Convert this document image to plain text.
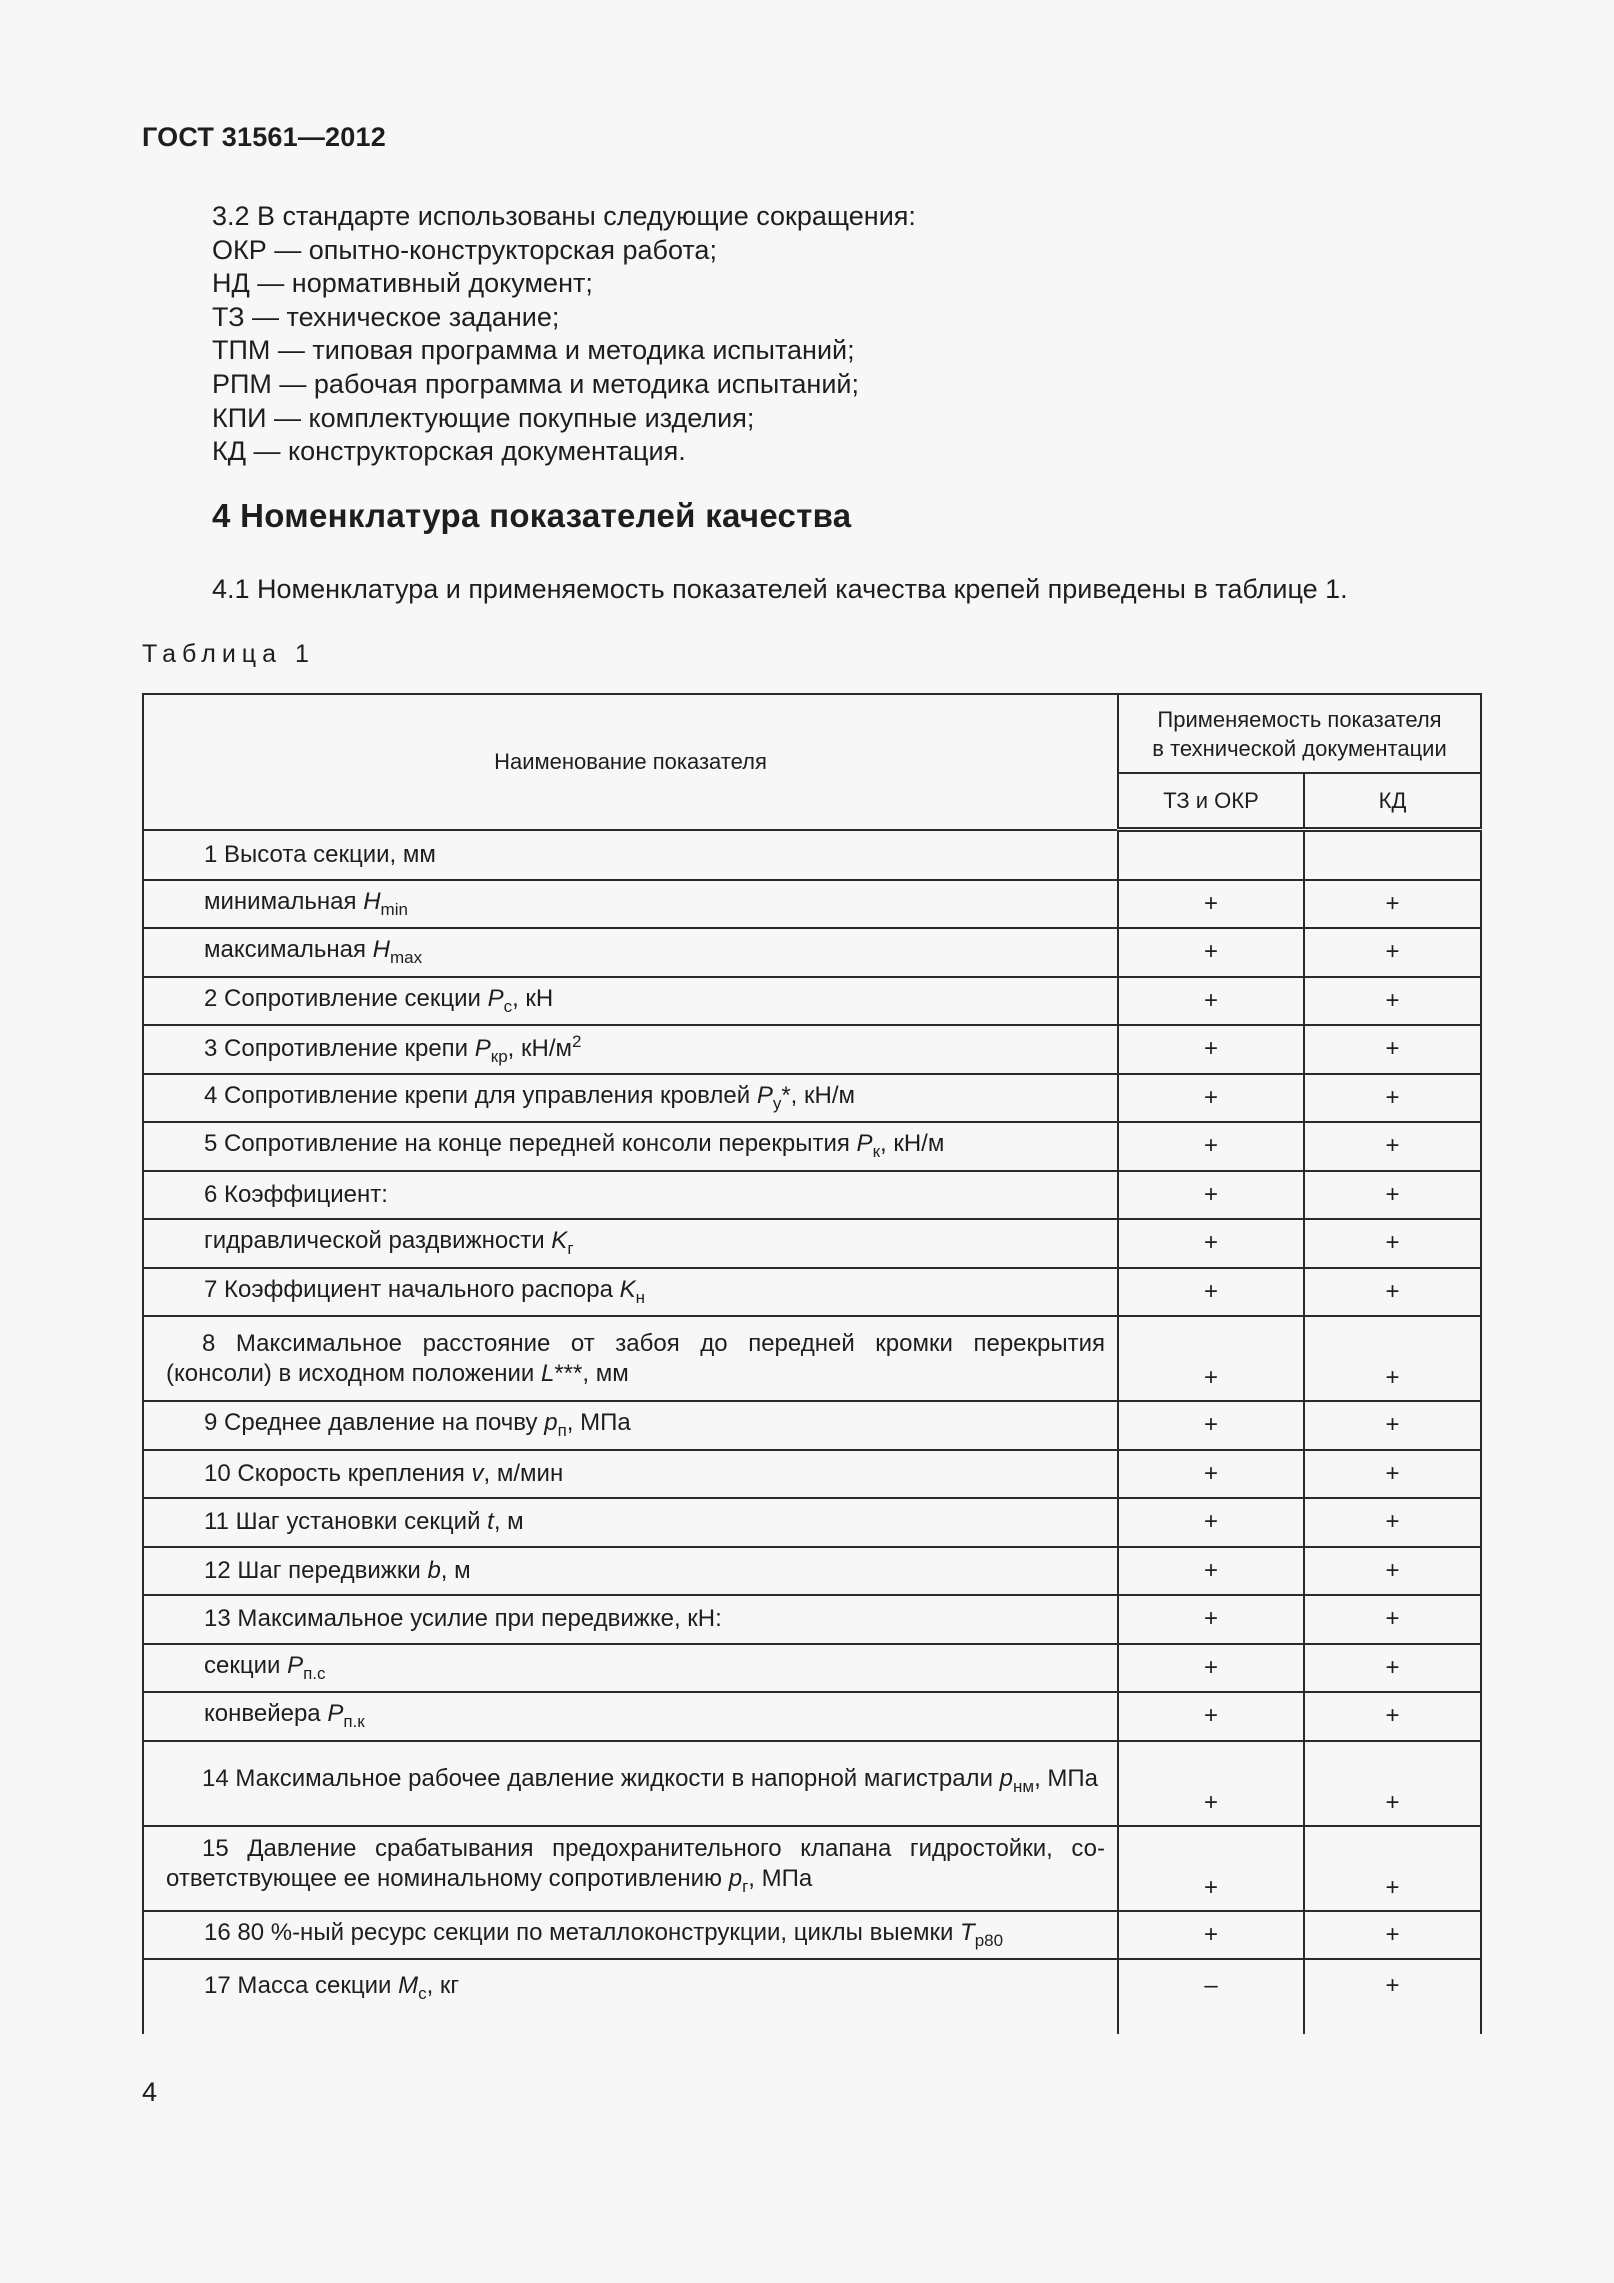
ГОСТ 31561—2012
3.2 В стандарте использованы следующие сокращения:
ОКР — опытно-конструкторская работа;
НД — нормативный документ;
ТЗ — техническое задание;
ТПМ — типовая программа и методика испытаний;
РПМ — рабочая программа и методика испытаний;
КПИ — комплектующие покупные изделия;
КД — конструкторская документация.
4 Номенклатура показателей качества
4.1 Номенклатура и применяемость показателей качества крепей приведены в таблице 1.
Таблица 1
Наименование показателя	Применяемость показателя
в технической документации	
	ТЗ и ОКР	КД
1 Высота секции, мм		
минимальная $H_{min}$	+	+
максимальная $H_{max}$	+	+
2 Сопротивление секции $P_с$, кН	+	+
3 Сопротивление крепи $P_{кр}$, $кН/м^2$	+	+
4 Сопротивление крепи для управления кровлей $P_у*$, кН/м	+	+
5 Сопротивление на конце передней консоли перекрытия $P_к$, кН/м	+	+
6 Коэффициент:	+	+
гидравлической раздвижности $K_г$	+	+
7 Коэффициент начального распора $K_н$	+	+
8 Максимальное расстояние от забоя до передней кромки перекрытия (консоли) в исходном положении L***, мм	+	+
9 Среднее давление на почву $p_п$, МПа	+	+
10 Скорость крепления v, м/мин	+	+
11 Шаг установки секций t, м	+	+
12 Шаг передвижки b, м	+	+
13 Максимальное усилие при передвижке, кН:	+	+
секции $P_{п.с}$	+	+
конвейера $P_{п.к}$	+	+
14 Максимальное рабочее давление жидкости в напорной магистрали $p_{нм}$, МПа	+	+
15 Давление срабатывания предохранительного клапана гидростойки, со-ответствующее ее номинальному сопротивлению $p_г$, МПа	+	+
16 80 %-ный ресурс секции по металлоконструкции, циклы выемки $T_{р80}$	+	+
17 Масса секции $M_с$, кг	–	+
4
